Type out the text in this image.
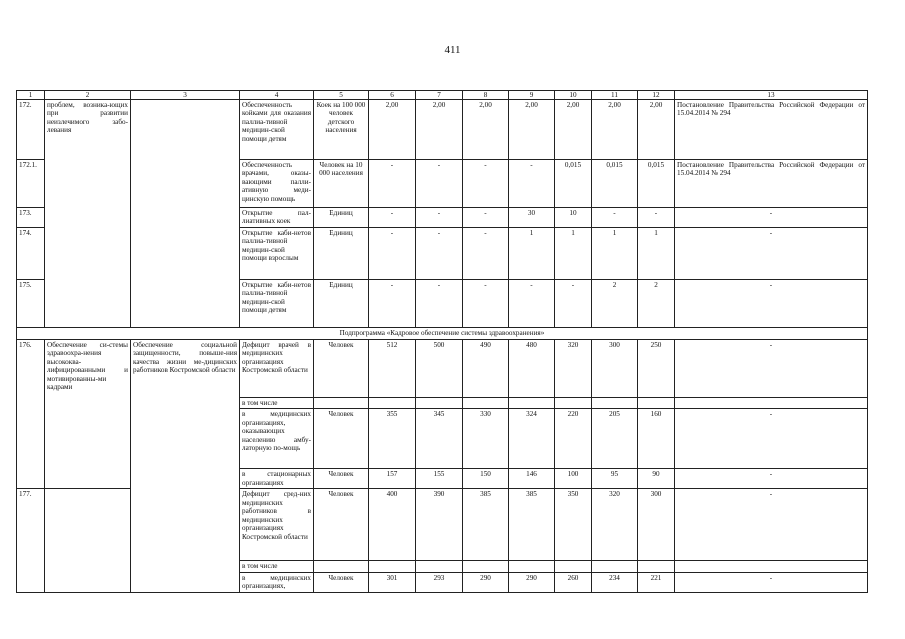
411
1	2	3	4	5	6	7	8	9	10	11	12	13
172.	проблем, возника-ющих при развитии неизлечимого забо-левания		Обеспеченность койками для оказания паллиа-тивной медицин-ской помощи детям	Коек на 100 000 человек детского населения	2,00	2,00	2,00	2,00	2,00	2,00	2,00	Постановление Правительства Российской Федерации от 15.04.2014 № 294
172.1.			Обеспеченность врачами, оказы-вающими палли-ативную меди-цинскую помощь	Человек на 10 000 населения	-	-	-	-	0,015	0,015	0,015	Постановление Правительства Российской Федерации от 15.04.2014 № 294
173.			Открытие пал-лиативных коек	Единиц	-	-	-	30	10	-	-	-
174.			Открытие каби-нетов паллиа-тивной медицин-ской помощи взрослым	Единиц	-	-	-	1	1	1	1	-
175.			Открытие каби-нетов паллиа-тивной медицин-ской помощи детям	Единиц	-	-	-	-	-	2	2	-
Подпрограмма «Кадровое обеспечение системы здравоохранения»												
176.	Обеспечение си-стемы здравоохра-нения высококва-лифицированными и мотивированны-ми кадрами	Обеспечение социальной защищенности, повыше-ния качества жизни ме-дицинских работников Костромской области	Дефицит врачей в медицинских организациях Костромской области	Человек	512	500	490	480	320	300	250	-
			в том числе									
			в медицинских организациях, оказывающих населению амбу-латорную по-мощь	Человек	355	345	330	324	220	205	160	-
			в стационарных организациях	Человек	157	155	150	146	100	95	90	-
177.			Дефицит сред-них медицинских работников в медицинских организациях Костромской области	Человек	400	390	385	385	350	320	300	-
			в том числе									
			в медицинских организациях,	Человек	301	293	290	290	260	234	221	-
